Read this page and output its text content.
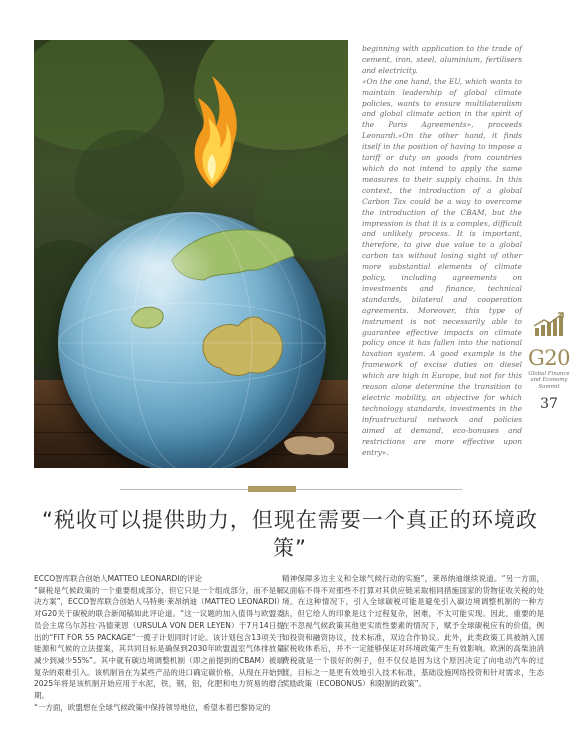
beginning with application to the trade of cement, iron, steel, aluminium, fertilisers and electricity.

«On the one hand, the EU, which wants to maintain leadership of global climate policies, wants to ensure multilateralism and global climate action in the spirit of the Paris Agreements», proceeds Leonardi.«On the other hand, it finds itself in the position of having to impose a tariff or duty on goods from countries which do not intend to apply the same measures to their supply chains. In this context, the introduction of a global Carbon Tax could be a way to overcome the introduction of the CBAM, but the impression is that it is a complex, difficult and unlikely process. It is important, therefore, to give due value to a global carbon tax without losing sight of other more substantial elements of climate policy, including agreements on investments and finance, technical standards, bilateral and cooperation agreements. Moreover, this type of instrument is not necessarily able to guarantee effective impacts on climate policy once it has fallen into the national taxation system. A good example is the framework of excise duties on diesel which are high in Europe, but not for this reason alone determine the transition to electric mobility, an objective for which technology standards, investments in the infrastructural network and policies aimed at demand, eco-bonuses and restrictions are more effective upon entry».

G20
Global Finance
and Economy
Summit
37
“税收可以提供助力，但现在需要一个真正的环境政策”

ECCO智库联合创始人MATTEO LEONARDI的评论

“碳税是气候政策的一个重要组成部分，但它只是一个组成部分，而不是解决方案”，ECCO智库联合创始人马特奥·莱昂纳迪（MATTEO LEONARDI）对G20关于碳税的联合新闻稿如此评论道。“这一议题的加入值得与欧盟委员会主席乌尔苏拉·冯德莱恩（URSULA VON DER LEYEN）于7月14日提出的“FIT FOR 55 PACKAGE”一揽子计划同时讨论。该计划包含13项关于能源和气候的立法提案，其共同目标是确保到2030年欧盟温室气体排放量减少到减少55%”。其中就有碳边境调整机制（即之前提到的CBAM）被端复杂的艰难引入。该机制旨在为某些产品的进口确定碳价格，从现在开始到2025年将是该机制开始应用于水泥，铁，钢，铝，化肥和电力贸易的磨合期。

“一方面，欧盟想在全球气候政策中保持领导地位，希望本着巴黎协定的

精神保障多边主义和全球气候行动的实施”，莱昂纳迪继续说道。“另一方面，又面临不得不对那些不打算对其供应链采取相同措施国家的货物征收关税的处境。在这种情况下，引入全球碳税可能是避免引入碳边境调整机制的一种方法，但它给人的印象是这个过程复杂，困难，不太可能实现。因此，重要的是在不忽视气候政策其他更实质性要素的情况下，赋予全球碳税应有的价值，例如投资和融资协议，技术标准，双边合作协议。此外，此类政策工具被纳入国家税收体系后，并不一定能够保证对环境政策产生有效影响。欧洲的高柴油消费税就是一个很好的例子，但不仅仅是因为这个原因决定了向电动汽车的过渡，目标之一是更有效地引入技术标准，基础设施网络投资和针对需求，生态奖励政策（ECOBONUS）和限制的政策”。
